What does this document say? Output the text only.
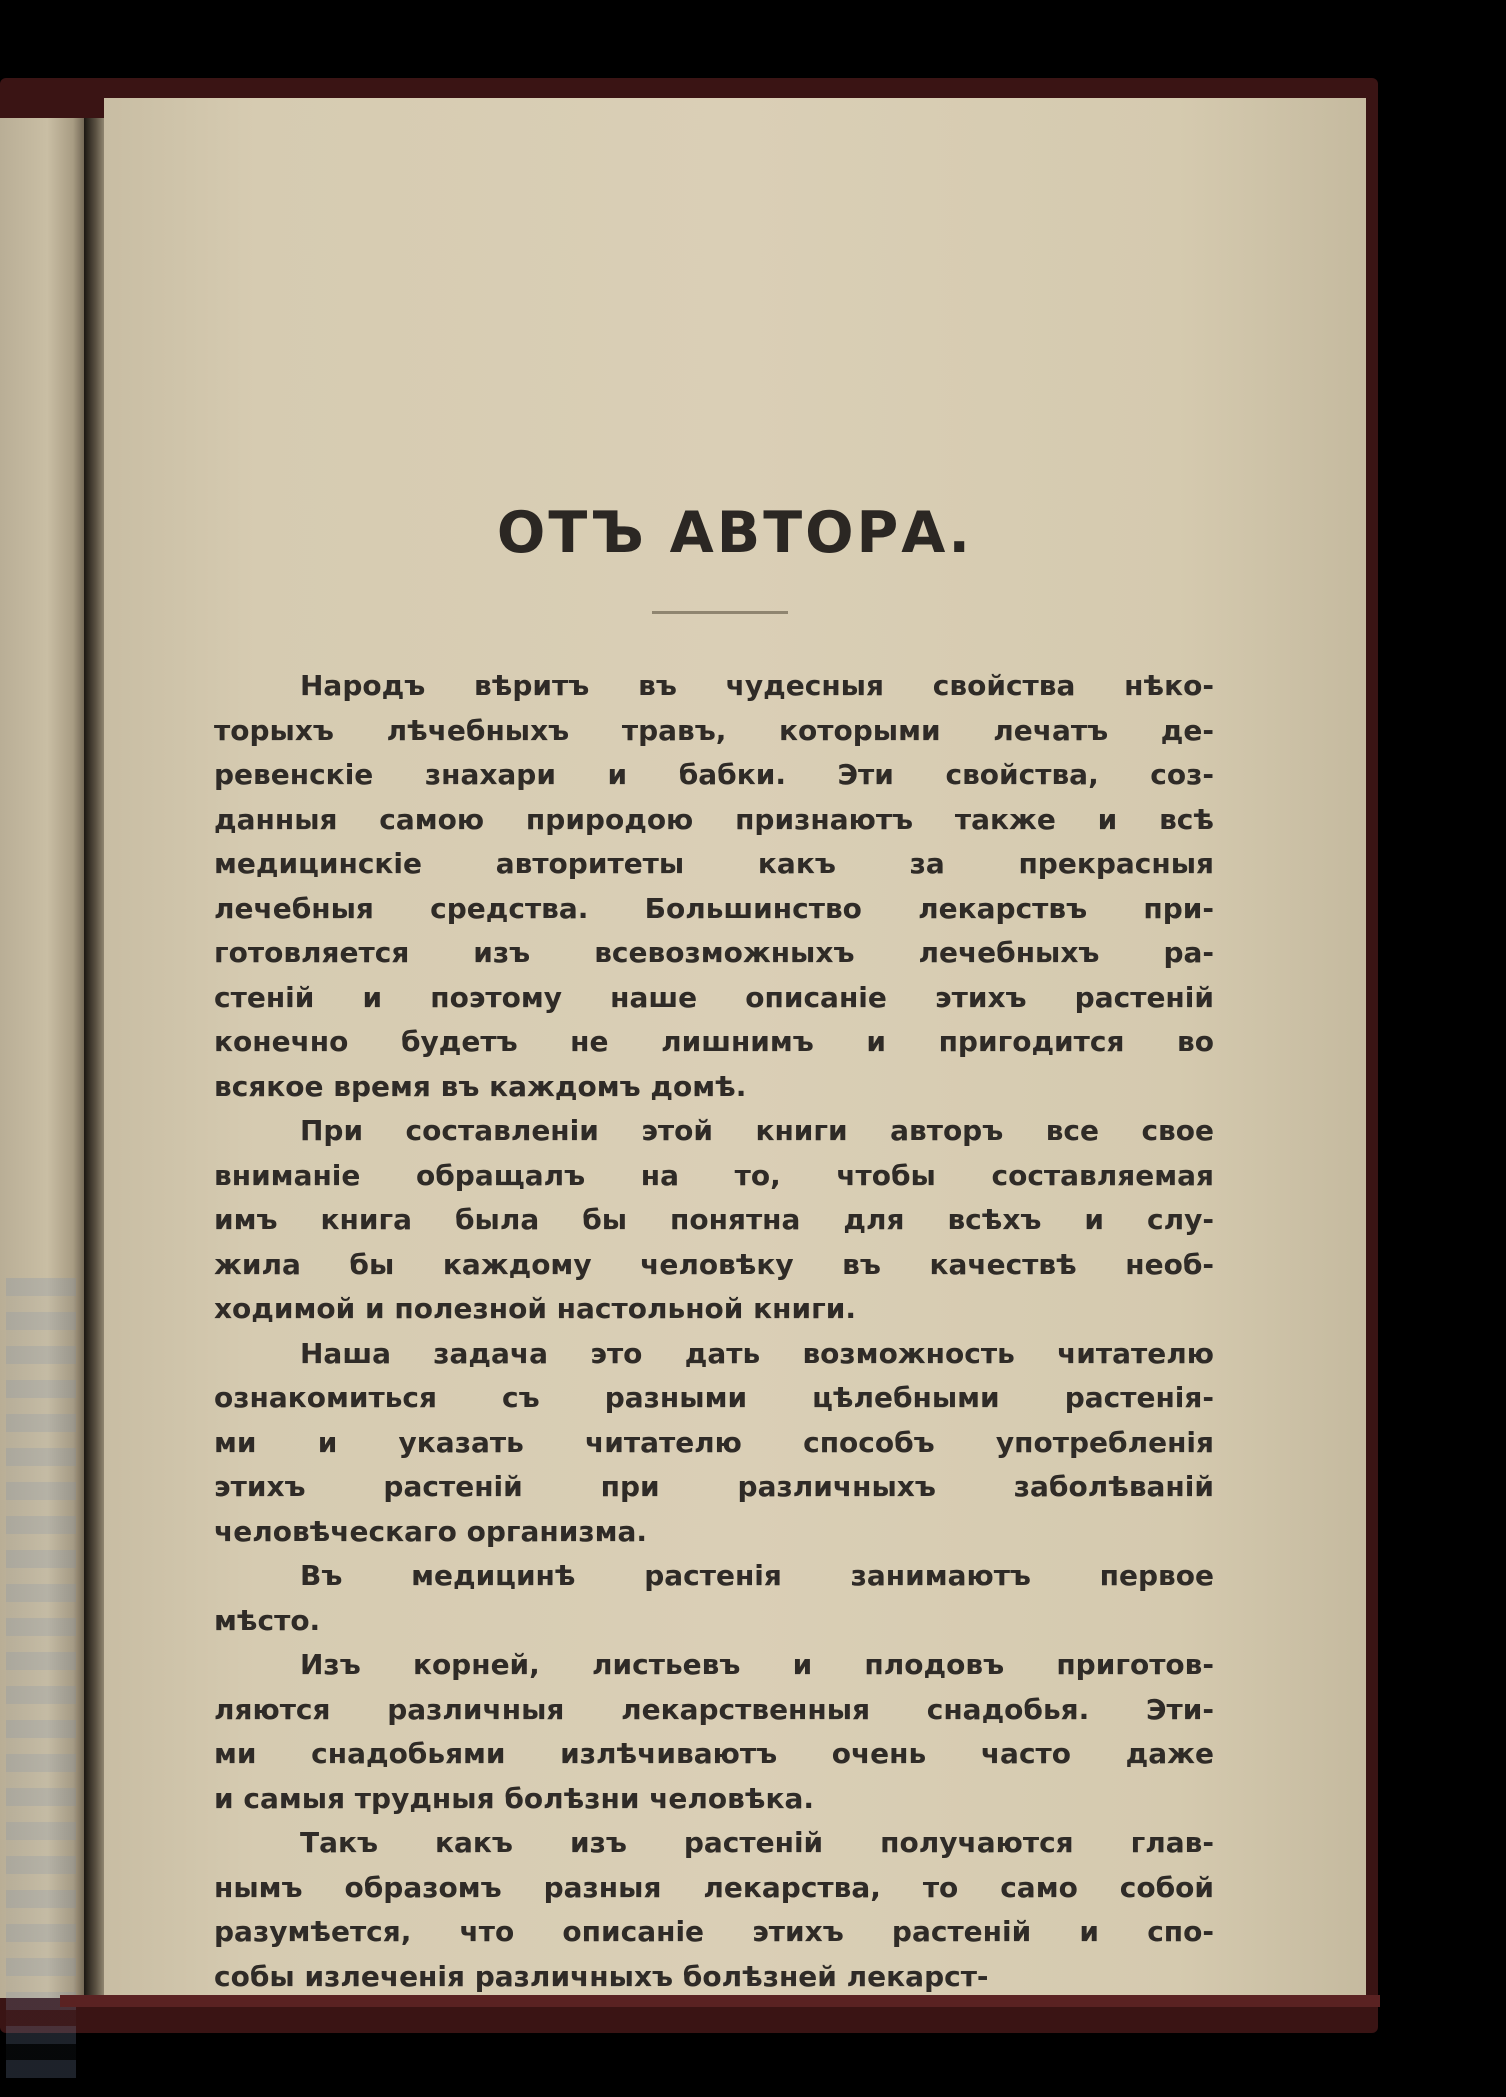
ОТЪ АВТОРА.
Народъ вѣритъ въ чудесныя свойства нѣко-
торыхъ лѣчебныхъ травъ, которыми лечатъ де-
ревенскіе знахари и бабки. Эти свойства, соз-
данныя самою природою признаютъ также и всѣ
медицинскіе авторитеты какъ за прекрасныя
лечебныя средства. Большинство лекарствъ при-
готовляется изъ всевозможныхъ лечебныхъ ра-
стеній и поэтому наше описаніе этихъ растеній
конечно будетъ не лишнимъ и пригодится во
всякое время въ каждомъ домѣ.
При составленіи этой книги авторъ все свое
вниманіе обращалъ на то, чтобы составляемая
имъ книга была бы понятна для всѣхъ и слу-
жила бы каждому человѣку въ качествѣ необ-
ходимой и полезной настольной книги.
Наша задача это дать возможность читателю
ознакомиться съ разными цѣлебными растенія-
ми и указать читателю способъ употребленія
этихъ растеній при различныхъ заболѣваній
человѣческаго организма.
Въ медицинѣ растенія занимаютъ первое
мѣсто.
Изъ корней, листьевъ и плодовъ приготов-
ляются различныя лекарственныя снадобья. Эти-
ми снадобьями излѣчиваютъ очень часто даже
и самыя трудныя болѣзни человѣка.
Такъ какъ изъ растеній получаются глав-
нымъ образомъ разныя лекарства, то само собой
разумѣется, что описаніе этихъ растеній и спо-
собы излеченія различныхъ болѣзней лекарст-
